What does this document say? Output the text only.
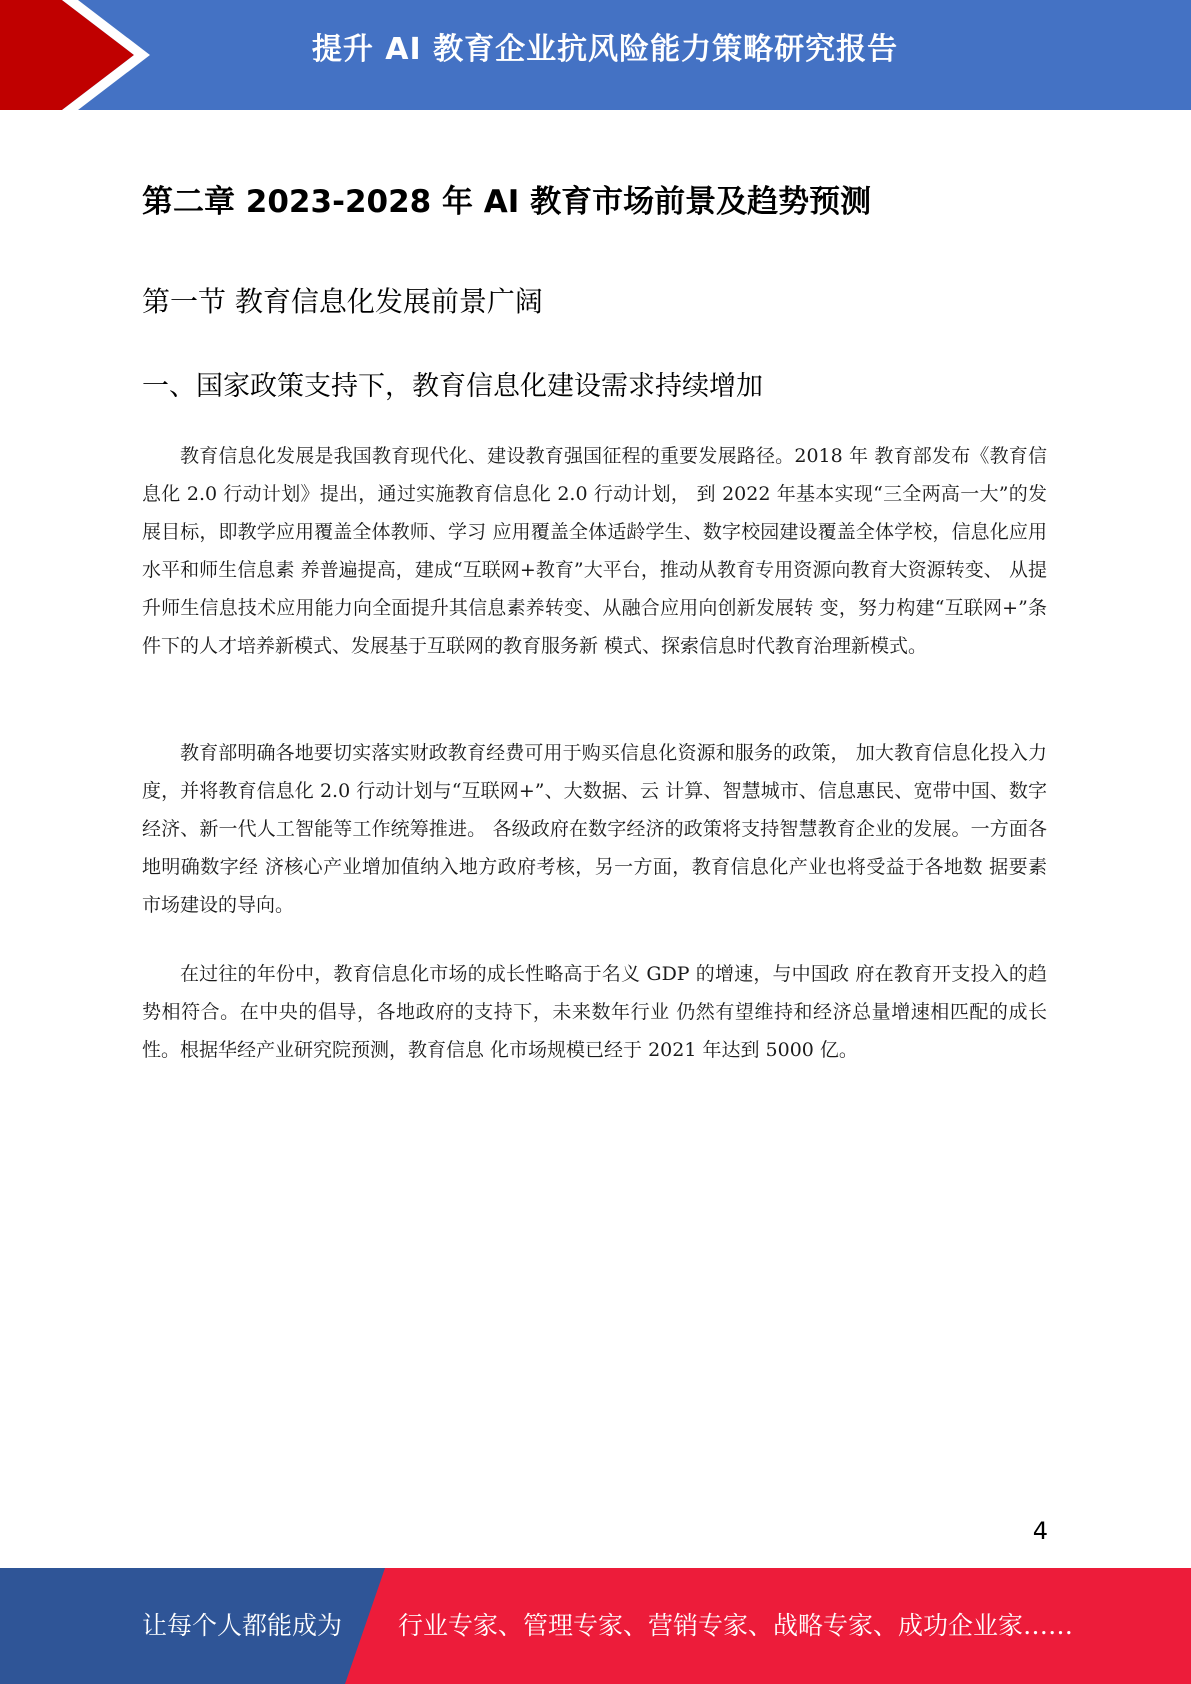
提升 AI 教育企业抗风险能力策略研究报告
第二章 2023-2028 年 AI 教育市场前景及趋势预测
第一节 教育信息化发展前景广阔
一、国家政策支持下，教育信息化建设需求持续增加

教育信息化发展是我国教育现代化、建设教育强国征程的重要发展路径。2018 年 教育部发布《教育信息化 2.0 行动计划》提出，通过实施教育信息化 2.0 行动计划， 到 2022 年基本实现“三全两高一大”的发展目标，即教学应用覆盖全体教师、学习 应用覆盖全体适龄学生、数字校园建设覆盖全体学校，信息化应用水平和师生信息素 养普遍提高，建成“互联网+教育”大平台，推动从教育专用资源向教育大资源转变、 从提升师生信息技术应用能力向全面提升其信息素养转变、从融合应用向创新发展转 变，努力构建“互联网+”条件下的人才培养新模式、发展基于互联网的教育服务新 模式、探索信息时代教育治理新模式。

教育部明确各地要切实落实财政教育经费可用于购买信息化资源和服务的政策， 加大教育信息化投入力度，并将教育信息化 2.0 行动计划与“互联网+”、大数据、云 计算、智慧城市、信息惠民、宽带中国、数字经济、新一代人工智能等工作统筹推进。 各级政府在数字经济的政策将支持智慧教育企业的发展。一方面各地明确数字经 济核心产业增加值纳入地方政府考核，另一方面，教育信息化产业也将受益于各地数 据要素市场建设的导向。

在过往的年份中，教育信息化市场的成长性略高于名义 GDP 的增速，与中国政 府在教育开支投入的趋势相符合。在中央的倡导，各地政府的支持下，未来数年行业 仍然有望维持和经济总量增速相匹配的成长性。根据华经产业研究院预测，教育信息 化市场规模已经于 2021 年达到 5000 亿。

4
让每个人都能成为 行业专家、管理专家、营销专家、战略专家、成功企业家……
